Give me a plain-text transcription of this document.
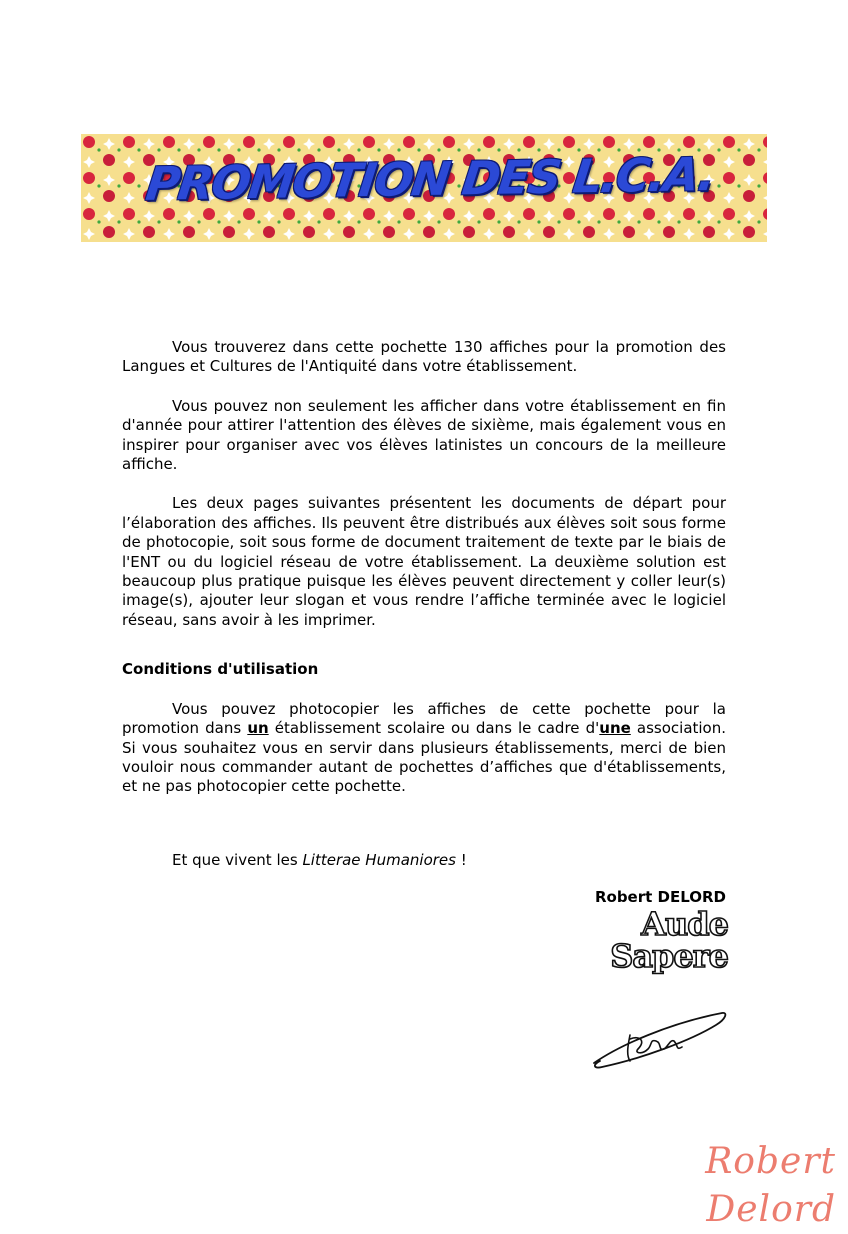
PROMOTION DES L.C.A.

Vous trouverez dans cette pochette 130 affiches pour la promotion des Langues et Cultures de l'Antiquité dans votre établissement.

Vous pouvez non seulement les afficher dans votre établissement en fin d'année pour attirer l'attention des élèves de sixième, mais également vous en inspirer pour organiser avec vos élèves latinistes un concours de la meilleure affiche.

Les deux pages suivantes présentent les documents de départ pour l’élaboration des affiches. Ils peuvent être distribués aux élèves soit sous forme de photocopie, soit sous forme de document traitement de texte par le biais de l'ENT ou du logiciel réseau de votre établissement. La deuxième solution est beaucoup plus pratique puisque les élèves peuvent directement y coller leur(s) image(s), ajouter leur slogan et vous rendre l’affiche terminée avec le logiciel réseau, sans avoir à les imprimer.

Conditions d'utilisation

Vous pouvez photocopier les affiches de cette pochette pour la promotion dans un établissement scolaire ou dans le cadre d'une association. Si vous souhaitez vous en servir dans plusieurs établissements, merci de bien vouloir nous commander autant de pochettes d’affiches que d'établissements, et ne pas photocopier cette pochette.

Et que vivent les Litterae Humaniores !

Robert DELORD
Aude
Sapere
Robert Delord
